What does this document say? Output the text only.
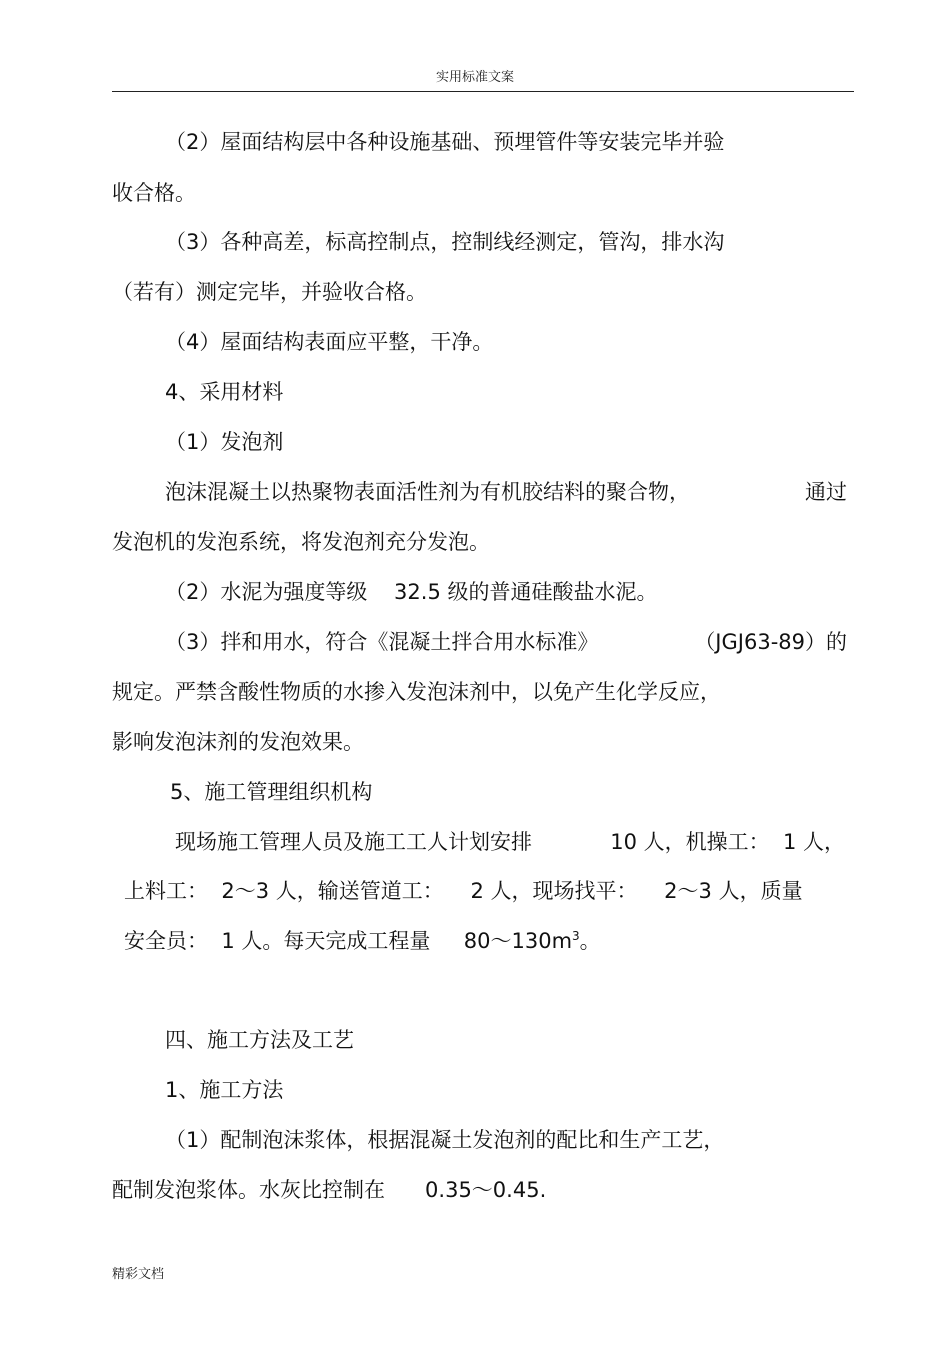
实用标准文案
（2）屋面结构层中各种设施基础、预埋管件等安装完毕并验
收合格。
（3）各种高差，标高控制点，控制线经测定，管沟，排水沟
（若有）测定完毕，并验收合格。
（4）屋面结构表面应平整，干净。
4、采用材料
（1）发泡剂
泡沫混凝土以热聚物表面活性剂为有机胶结料的聚合物，	通过
发泡机的发泡系统，将发泡剂充分发泡。
（2）水泥为强度等级    32.5 级的普通硅酸盐水泥。
（3）拌和用水，符合《混凝土拌合用水标准》	（JGJ63-89）的
规定。严禁含酸性物质的水掺入发泡沫剂中，以免产生化学反应，
影响发泡沫剂的发泡效果。
5、施工管理组织机构
现场施工管理人员及施工工人计划安排	10 人，机操工：  1 人，
上料工：  2～3 人，输送管道工：    2 人，现场找平：    2～3 人，质量
安全员：  1 人。每天完成工程量     $80\sim 130m^3$。
四、施工方法及工艺
1、施工方法
（1）配制泡沫浆体，根据混凝土发泡剂的配比和生产工艺，
配制发泡浆体。水灰比控制在      0.35～0.45.
精彩文档
